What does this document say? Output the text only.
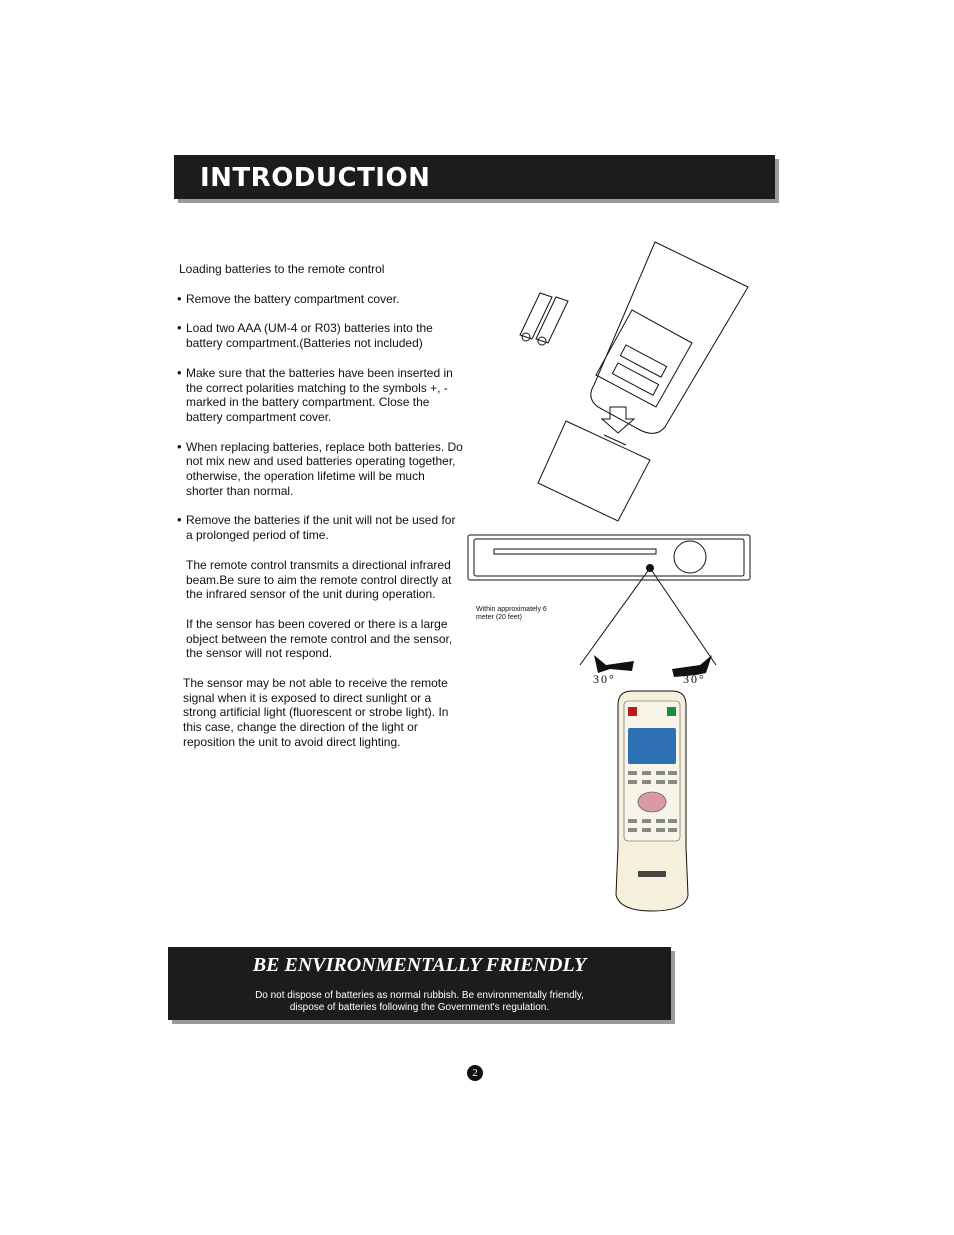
INTRODUCTION

Loading batteries to the remote control

• Remove the battery compartment cover.

• Load two AAA (UM-4 or R03) batteries into the battery compartment.(Batteries not included)

• Make sure that the batteries have been inserted in the correct polarities matching to the symbols +, - marked in the battery compartment. Close the battery compartment cover.

• When replacing batteries, replace both batteries. Do not mix new and used batteries operating together, otherwise, the operation lifetime will be much shorter than normal.

• Remove the batteries if the unit will not be used for a prolonged period of time.

The remote control transmits a directional infrared beam.Be sure to aim the remote control directly at the infrared sensor of the unit during operation.

If the sensor has been covered or there is a large object between the remote control and the sensor, the sensor will not respond.

The sensor may be not able to receive the remote signal when it is exposed to direct sunlight or a strong artificial light (fluorescent or strobe light). In this case, change the direction of the light or reposition the unit to avoid direct lighting.

Within approximately 6 meter (20 feet)
30°	30°
BE ENVIRONMENTALLY FRIENDLY
Do not dispose of batteries as normal rubbish. Be environmentally friendly,
dispose of batteries following the Government's regulation.
2
